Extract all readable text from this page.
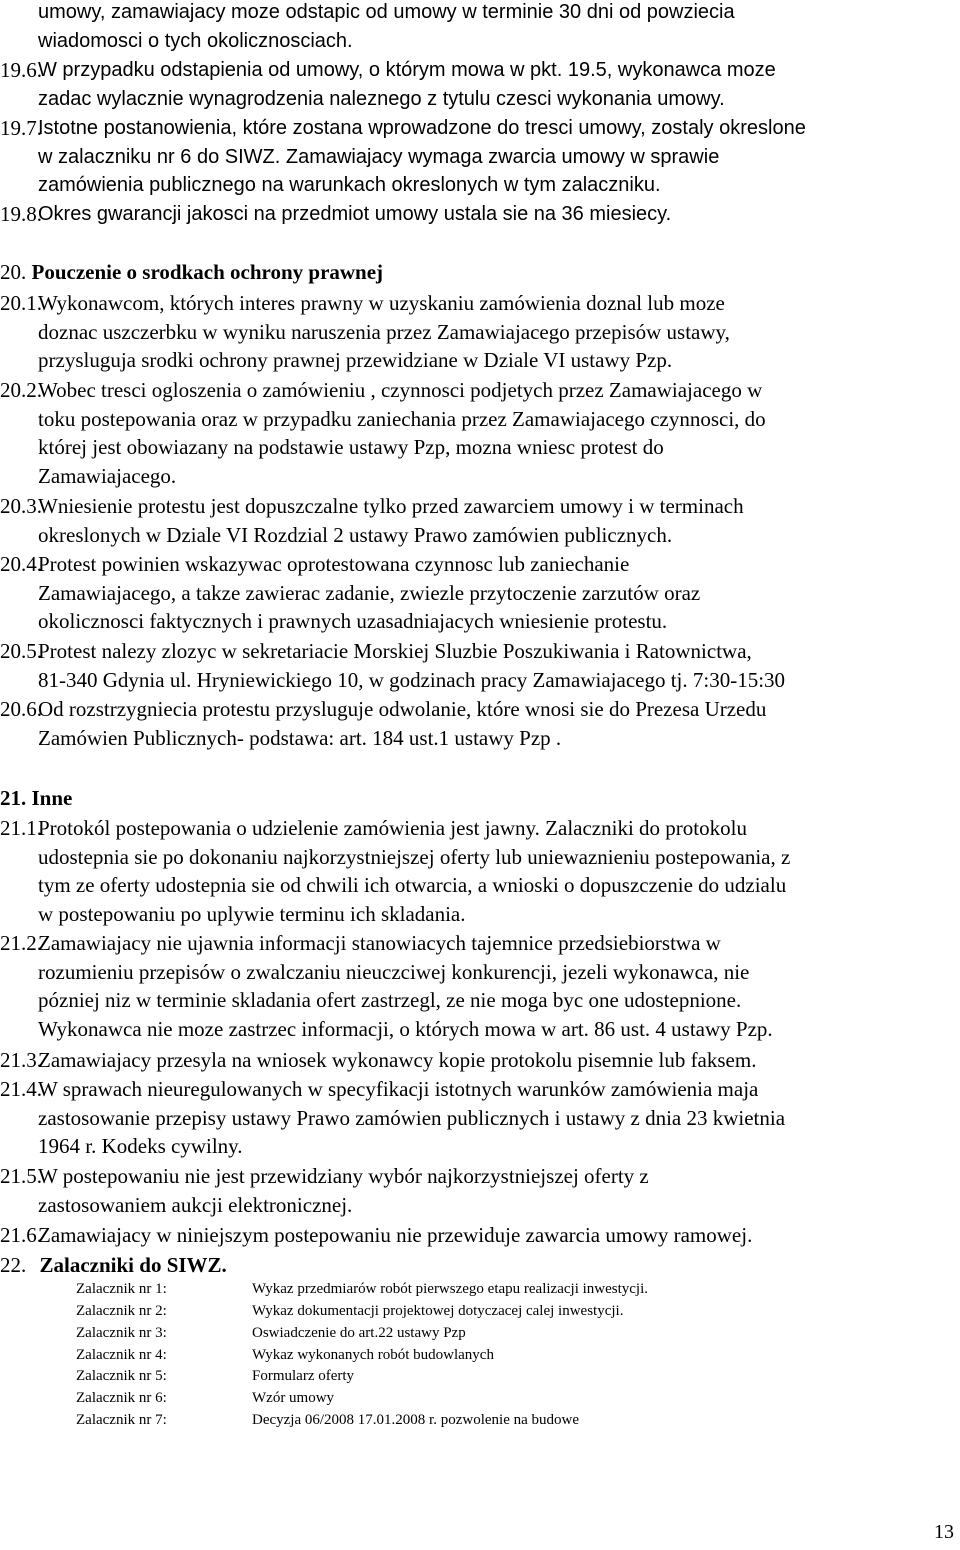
umowy, zamawiajacy moze odstapic od umowy w terminie 30 dni od powziecia
wiadomosci o tych okolicznosciach.
19.6.
W przypadku odstapienia od umowy, o którym mowa w pkt. 19.5, wykonawca moze
zadac wylacznie wynagrodzenia naleznego z tytulu czesci wykonania umowy.
19.7.
Istotne postanowienia, które zostana wprowadzone do tresci umowy, zostaly okreslone
w zalaczniku nr 6 do SIWZ. Zamawiajacy wymaga zwarcia umowy w sprawie
zamówienia publicznego na warunkach okreslonych w tym zalaczniku.
19.8.
Okres gwarancji jakosci na przedmiot umowy ustala sie na 36 miesiecy.
20. Pouczenie o srodkach ochrony prawnej
20.1.
Wykonawcom, których interes prawny w uzyskaniu zamówienia doznal lub moze
doznac uszczerbku w wyniku naruszenia przez Zamawiajacego przepisów ustawy,
przysluguja srodki ochrony prawnej przewidziane w Dziale VI ustawy Pzp.
20.2.
Wobec tresci ogloszenia o zamówieniu , czynnosci podjetych przez Zamawiajacego w
toku postepowania oraz w przypadku zaniechania przez Zamawiajacego czynnosci, do
której jest obowiazany na podstawie ustawy Pzp, mozna wniesc protest do
Zamawiajacego.
20.3.
Wniesienie protestu jest dopuszczalne tylko przed zawarciem umowy i w terminach
okreslonych w Dziale VI Rozdzial 2 ustawy Prawo zamówien publicznych.
20.4.
Protest powinien wskazywac oprotestowana czynnosc lub zaniechanie
Zamawiajacego, a takze zawierac zadanie, zwiezle przytoczenie zarzutów oraz
okolicznosci faktycznych i prawnych uzasadniajacych wniesienie protestu.
20.5.
Protest nalezy zlozyc w sekretariacie Morskiej Sluzbie Poszukiwania i Ratownictwa,
81-340 Gdynia ul. Hryniewickiego 10, w godzinach pracy Zamawiajacego tj. 7:30-15:30
20.6.
Od rozstrzygniecia protestu przysluguje odwolanie, które wnosi sie do Prezesa Urzedu
Zamówien Publicznych- podstawa: art. 184 ust.1 ustawy Pzp .
21. Inne
21.1.
Protokól postepowania o udzielenie zamówienia jest jawny. Zalaczniki do protokolu
udostepnia sie po dokonaniu najkorzystniejszej oferty lub uniewaznieniu postepowania, z
tym ze oferty udostepnia sie od chwili ich otwarcia, a wnioski o dopuszczenie do udzialu
w postepowaniu po uplywie terminu ich skladania.
21.2.
Zamawiajacy nie ujawnia informacji stanowiacych tajemnice przedsiebiorstwa w
rozumieniu przepisów o zwalczaniu nieuczciwej konkurencji, jezeli wykonawca, nie
pózniej niz w terminie skladania ofert zastrzegl, ze nie moga byc one udostepnione.
Wykonawca nie moze zastrzec informacji, o których mowa w art. 86 ust. 4 ustawy Pzp.
21.3.
Zamawiajacy przesyla na wniosek wykonawcy kopie protokolu pisemnie lub faksem.
21.4.
W sprawach nieuregulowanych w specyfikacji istotnych warunków zamówienia maja
zastosowanie przepisy ustawy Prawo zamówien publicznych i ustawy z dnia 23 kwietnia
1964 r. Kodeks cywilny.
21.5.
W postepowaniu nie jest przewidziany wybór najkorzystniejszej oferty z
zastosowaniem aukcji elektronicznej.
21.6.
Zamawiajacy w niniejszym postepowaniu nie przewiduje zawarcia umowy ramowej.
22. Zalaczniki do SIWZ.
Zalacznik nr 1:	Wykaz przedmiarów robót pierwszego etapu realizacji inwestycji.
Zalacznik nr 2:	Wykaz dokumentacji projektowej dotyczacej calej inwestycji.
Zalacznik nr 3:	Oswiadczenie do art.22 ustawy Pzp
Zalacznik nr 4:	Wykaz wykonanych robót budowlanych
Zalacznik nr 5:	Formularz oferty
Zalacznik nr 6:	Wzór umowy
Zalacznik nr 7:	Decyzja 06/2008 17.01.2008 r. pozwolenie na budowe
13
